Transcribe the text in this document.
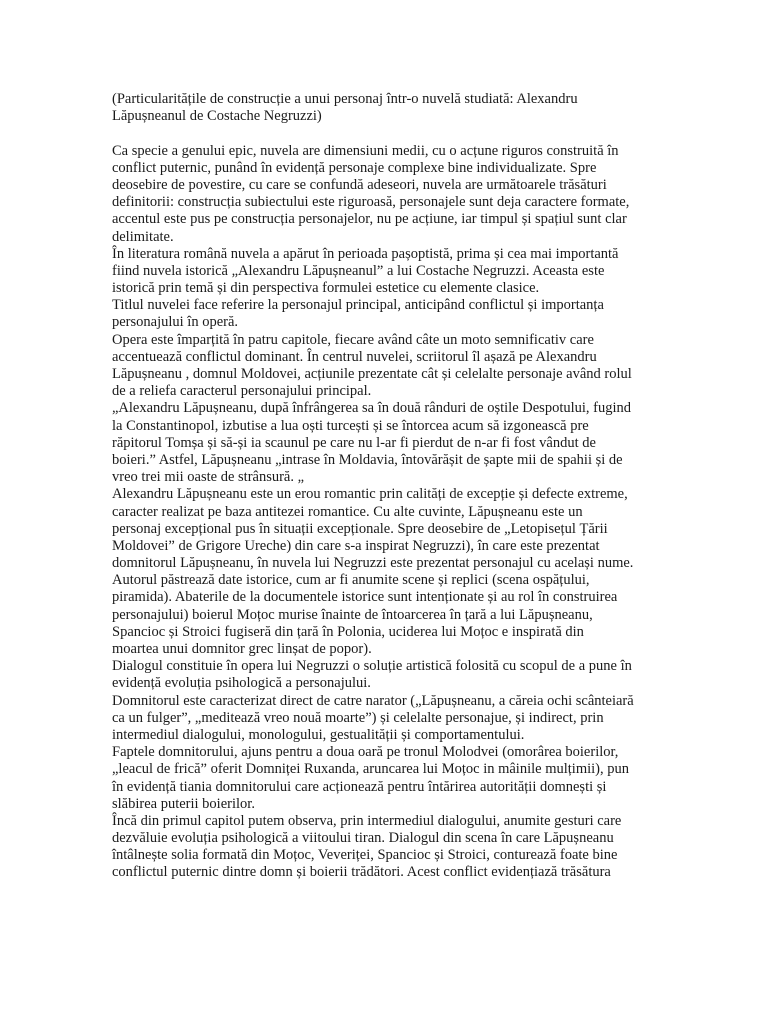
(Particularitățile de construcție a unui personaj într-o nuvelă studiată: Alexandru
Lăpușneanul de Costache Negruzzi)
Ca specie a genului epic, nuvela are dimensiuni medii, cu o acțune riguros construită în
conflict puternic, punând în evidență personaje complexe bine individualizate. Spre
deosebire de povestire, cu care se confundă adeseori, nuvela are următoarele trăsături
definitorii: construcția subiectului este riguroasă, personajele sunt deja caractere formate,
accentul este pus pe construcția personajelor, nu pe acțiune, iar timpul și spațiul sunt clar
delimitate.
În literatura română nuvela a apărut în perioada pașoptistă, prima și cea mai importantă
fiind nuvela istorică „Alexandru Lăpușneanul” a lui Costache Negruzzi. Aceasta este
istorică prin temă și din perspectiva formulei estetice cu elemente clasice.
Titlul nuvelei face referire la personajul principal, anticipând conflictul și importanța
personajului în operă.
Opera este împarțită în patru capitole, fiecare având câte un moto semnificativ care
accentuează conflictul dominant. În centrul nuvelei, scriitorul îl așază pe Alexandru
Lăpușneanu , domnul Moldovei, acțiunile prezentate cât și celelalte personaje având rolul
de a reliefa caracterul personajului principal.
„Alexandru Lăpușneanu, după înfrângerea sa în două rânduri de oștile Despotului, fugind
la Constantinopol, izbutise a lua oști turcești și se întorcea acum să izgonească pre
răpitorul Tomșa și să-și ia scaunul pe care nu l-ar fi pierdut de n-ar fi fost vândut de
boieri.” Astfel, Lăpușneanu „intrase în Moldavia, întovărășit de șapte mii de spahii și de
vreo trei mii oaste de strânsură. „
Alexandru Lăpușneanu este un erou romantic prin calități de excepție și defecte extreme,
caracter realizat pe baza antitezei romantice. Cu alte cuvinte, Lăpușneanu este un
personaj excepțional pus în situații excepționale. Spre deosebire de „Letopisețul Țării
Moldovei” de Grigore Ureche) din care s-a inspirat Negruzzi), în care este prezentat
domnitorul Lăpușneanu, în nuvela lui Negruzzi este prezentat personajul cu același nume.
Autorul păstrează date istorice, cum ar fi anumite scene și replici (scena ospățului,
piramida). Abaterile de la documentele istorice sunt intenționate și au rol în construirea
personajului) boierul Moțoc murise înainte de întoarcerea în țară a lui Lăpușneanu,
Spancioc și Stroici fugiseră din țară în Polonia, uciderea lui Moțoc e inspirată din
moartea unui domnitor grec linșat de popor).
Dialogul constituie în opera lui Negruzzi o soluție artistică folosită cu scopul de a pune în
evidență evoluția psihologică a personajului.
Domnitorul este caracterizat direct de catre narator („Lăpușneanu, a căreia ochi scânteiară
ca un fulger”, „meditează vreo nouă moarte”) și celelalte personajue, și indirect, prin
intermediul dialogului, monologului, gestualității și comportamentului.
Faptele domnitorului, ajuns pentru a doua oară pe tronul Molodvei (omorârea boierilor,
„leacul de frică” oferit Domniței Ruxanda, aruncarea lui Moțoc in mâinile mulțimii), pun
în evidență tiania domnitorului care acționează pentru întărirea autorității domnești și
slăbirea puterii boierilor.
Încă din primul capitol putem observa, prin intermediul dialogului, anumite gesturi care
dezvăluie evoluția psihologică a viitoului tiran. Dialogul din scena în care Lăpușneanu
întâlnește solia formată din Moțoc, Veveriței, Spancioc și Stroici, conturează foate bine
conflictul puternic dintre domn și boierii trădători. Acest conflict evidențiază trăsătura
